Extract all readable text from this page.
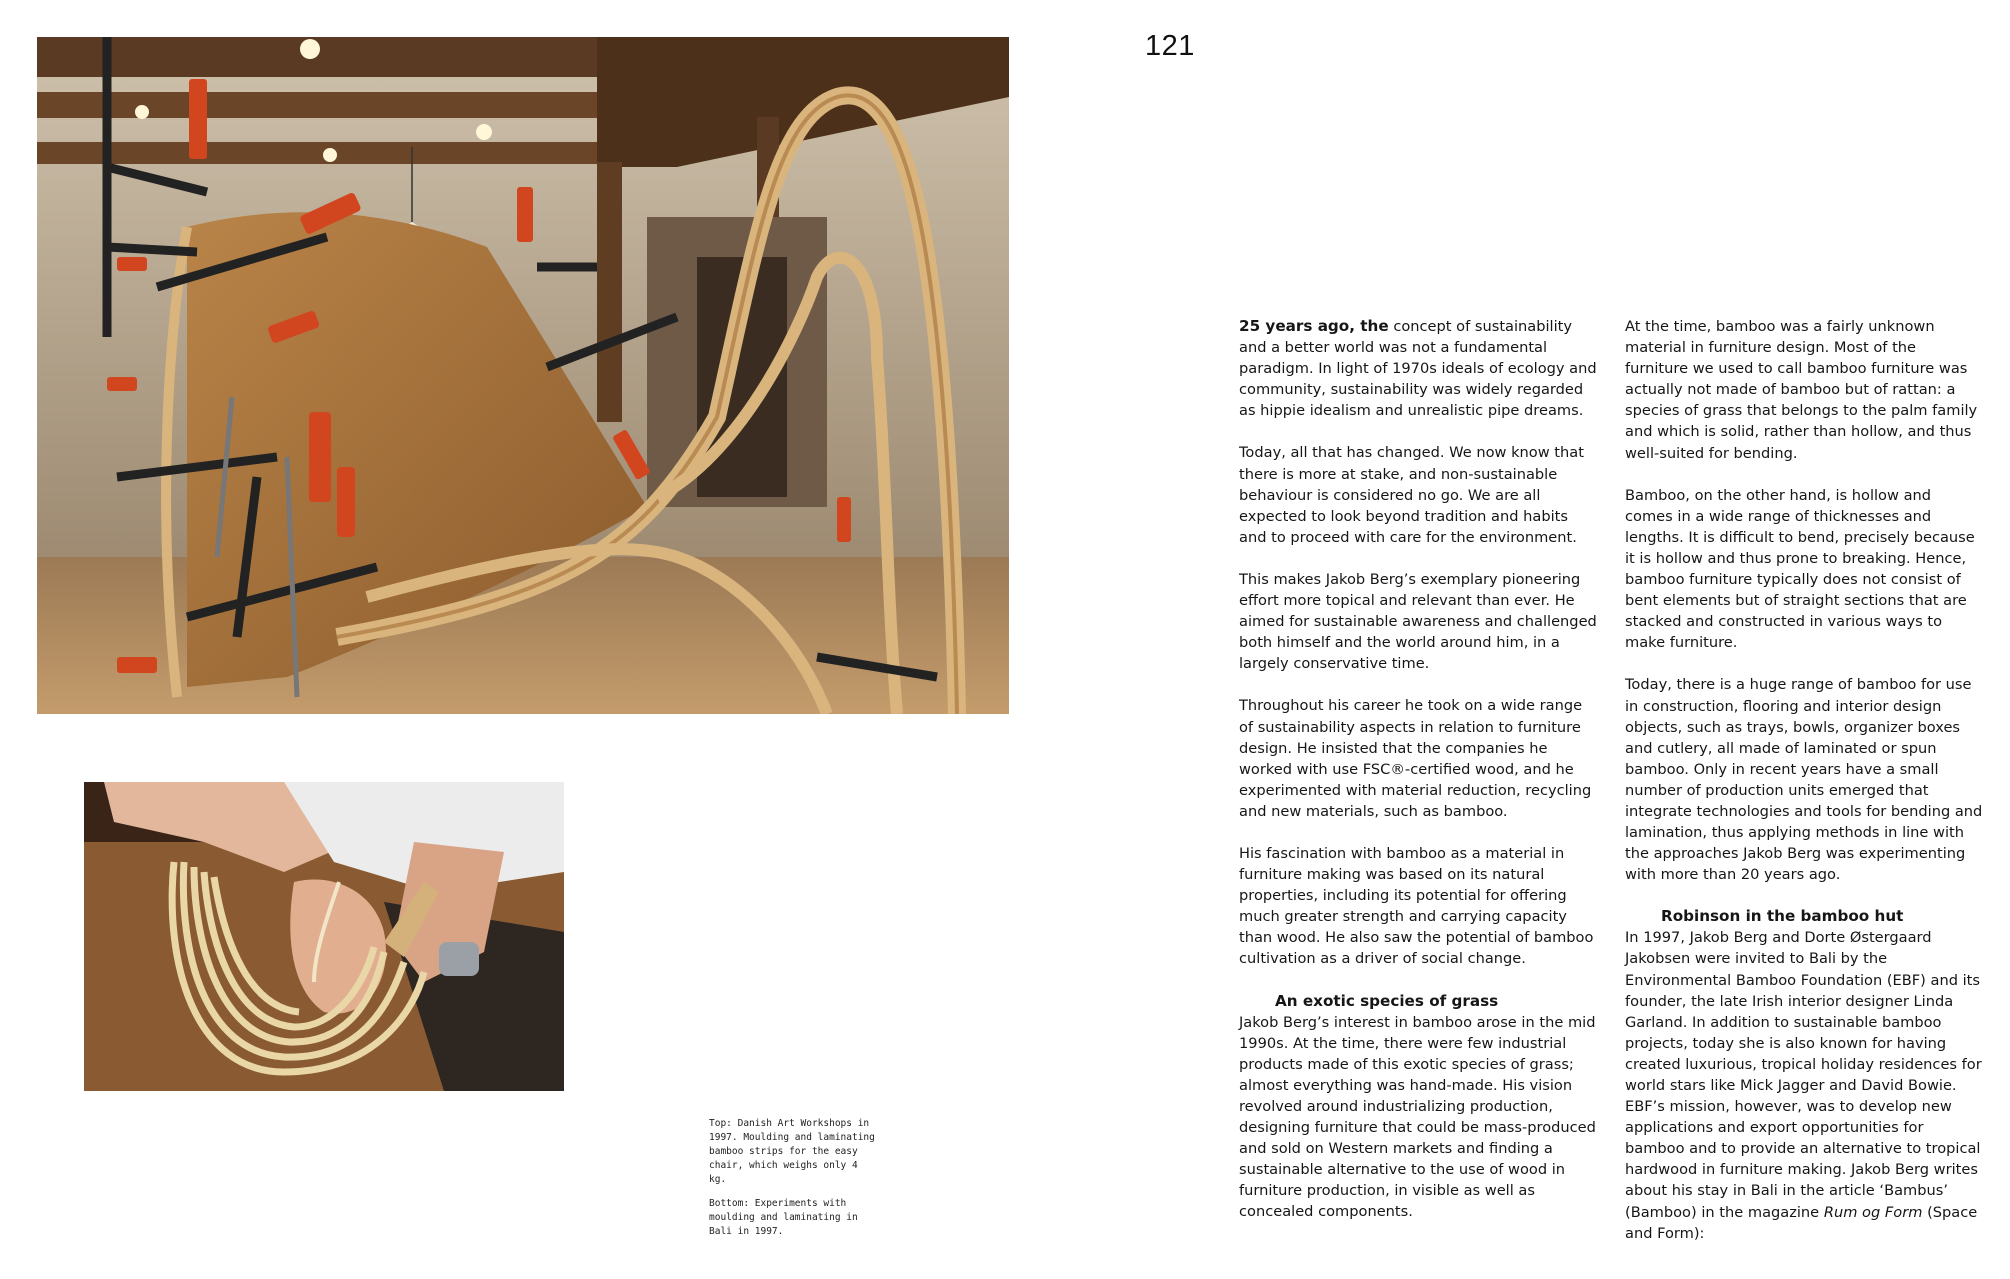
121

Top: Danish Art Workshops in 1997. Moulding and laminating bamboo strips for the easy chair, which weighs only 4 kg.

Bottom: Experiments with moulding and laminating in Bali in 1997.

25 years ago, the concept of sustainability and a better world was not a fundamental paradigm. In light of 1970s ideals of ecology and community, sustainability was widely regarded as hippie idealism and unrealistic pipe dreams.

Today, all that has changed. We now know that there is more at stake, and non-sustainable behaviour is considered no go. We are all expected to look beyond tradition and habits and to proceed with care for the environment.

This makes Jakob Berg’s exemplary pioneering effort more topical and relevant than ever. He aimed for sustainable awareness and challenged both himself and the world around him, in a largely conservative time.

Throughout his career he took on a wide range of sustainability aspects in relation to furniture design. He insisted that the companies he worked with use FSC®-certified wood, and he experimented with material reduction, recycling and new materials, such as bamboo.

His fascination with bamboo as a material in furniture making was based on its natural properties, including its potential for offering much greater strength and carrying capacity than wood. He also saw the potential of bamboo cultivation as a driver of social change.

An exotic species of grass

Jakob Berg’s interest in bamboo arose in the mid 1990s. At the time, there were few industrial products made of this exotic species of grass; almost everything was hand-made. His vision revolved around industrializing production, designing furniture that could be mass-produced and sold on Western markets and finding a sustainable alternative to the use of wood in furniture production, in visible as well as concealed components.

At the time, bamboo was a fairly unknown material in furniture design. Most of the furniture we used to call bamboo furniture was actually not made of bamboo but of rattan: a species of grass that belongs to the palm family and which is solid, rather than hollow, and thus well-suited for bending.

Bamboo, on the other hand, is hollow and comes in a wide range of thicknesses and lengths. It is difficult to bend, precisely because it is hollow and thus prone to breaking. Hence, bamboo furniture typically does not consist of bent elements but of straight sections that are stacked and constructed in various ways to make furniture.

Today, there is a huge range of bamboo for use in construction, flooring and interior design objects, such as trays, bowls, organizer boxes and cutlery, all made of laminated or spun bamboo. Only in recent years have a small number of production units emerged that integrate technologies and tools for bending and lamination, thus applying methods in line with the approaches Jakob Berg was experimenting with more than 20 years ago.

Robinson in the bamboo hut

In 1997, Jakob Berg and Dorte Østergaard Jakobsen were invited to Bali by the Environmental Bamboo Foundation (EBF) and its founder, the late Irish interior designer Linda Garland. In addition to sustainable bamboo projects, today she is also known for having created luxurious, tropical holiday residences for world stars like Mick Jagger and David Bowie. EBF’s mission, however, was to develop new applications and export opportunities for bamboo and to provide an alternative to tropical hardwood in furniture making. Jakob Berg writes about his stay in Bali in the article ‘Bambus’ (Bamboo) in the magazine Rum og Form (Space and Form):
